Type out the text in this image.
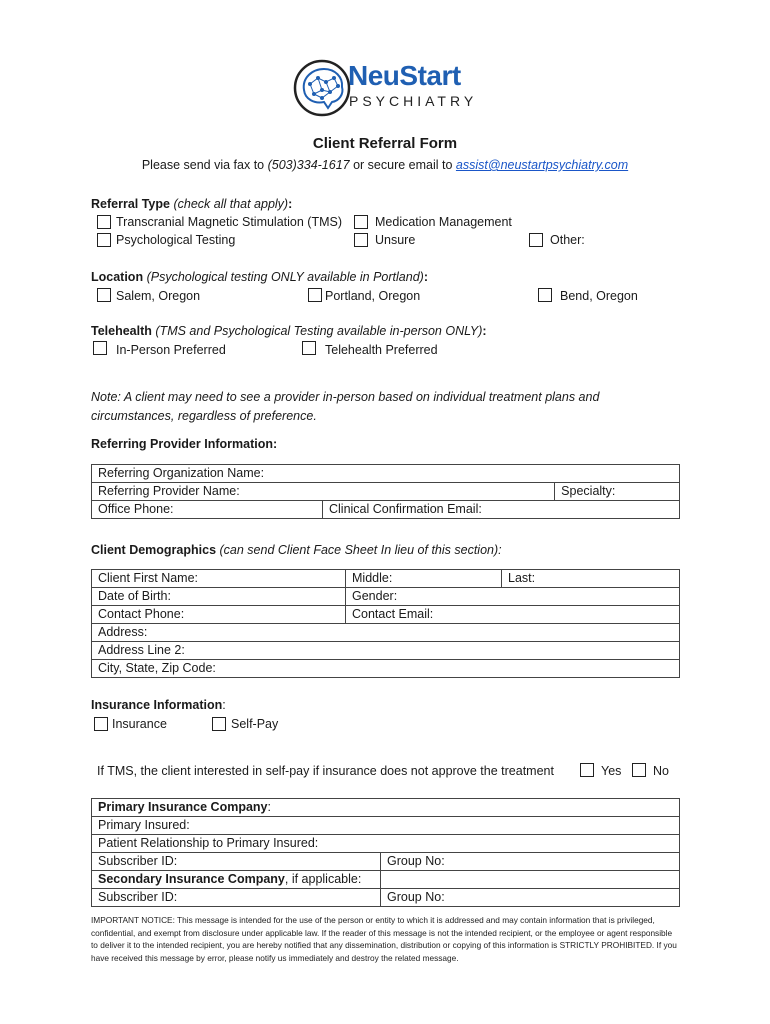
NeuStart
PSYCHIATRY
Client Referral Form
Please send via fax to (503)334-1617 or secure email to assist@neustartpsychiatry.com
Referral Type (check all that apply):
Transcranial Magnetic Stimulation (TMS)	Medication Management
Psychological Testing	Unsure	Other:
Location (Psychological testing ONLY available in Portland):
Salem, Oregon	Portland, Oregon	Bend, Oregon
Telehealth (TMS and Psychological Testing available in-person ONLY):
In-Person Preferred	Telehealth Preferred
Note: A client may need to see a provider in-person based on individual treatment plans and
circumstances, regardless of preference.
Referring Provider Information:
Referring Organization Name:		
Referring Provider Name:		Specialty:
Office Phone:	Clinical Confirmation Email:	
Client Demographics (can send Client Face Sheet In lieu of this section):
Client First Name:	Middle:	Last:
Date of Birth:	Gender:	
Contact Phone:	Contact Email:	
Address:		
Address Line 2:		
City, State, Zip Code:		
Insurance Information:
Insurance	Self-Pay
If TMS, the client interested in self-pay if insurance does not approve the treatment	Yes	No
Primary Insurance Company:	
Primary Insured:	
Patient Relationship to Primary Insured:	
Subscriber ID:	Group No:
Secondary Insurance Company, if applicable:	
Subscriber ID:	Group No:
IMPORTANT NOTICE: This message is intended for the use of the person or entity to which it is addressed and may contain information that is privileged, confidential, and exempt from disclosure under applicable law. If the reader of this message is not the intended recipient, or the employee or agent responsible to deliver it to the intended recipient, you are hereby notified that any dissemination, distribution or copying of this information is STRICTLY PROHIBITED. If you have received this message by error, please notify us immediately and destroy the related message.
